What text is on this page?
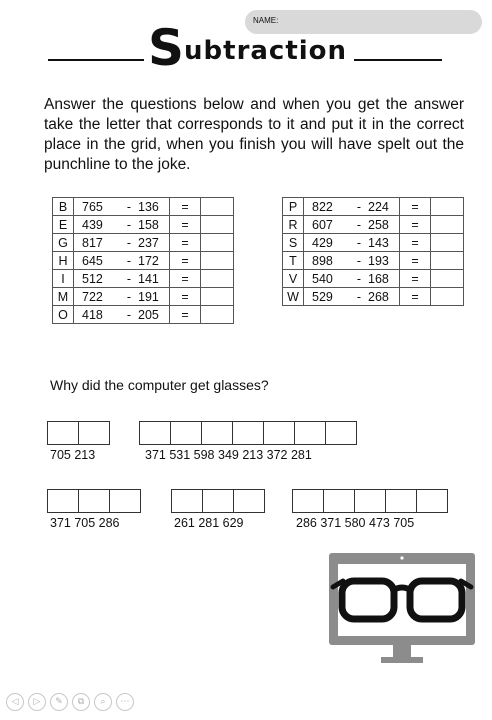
NAME:
Subtraction
Answer the questions below and when you get the answer take the letter that corresponds to it and put it in the correct place in the grid, when you finish you will have spelt out the punchline to the joke.
B	765 - 136	=	
E	439 - 158	=	
G	817 - 237	=	
H	645 - 172	=	
I	512 - 141	=	
M	722 - 191	=	
O	418 - 205	=	
P	822 - 224	=	
R	607 - 258	=	
S	429 - 143	=	
T	898 - 193	=	
V	540 - 168	=	
W	529 - 268	=	
Why did the computer get glasses?
705 213	371 531 598 349 213 372 281
371 705 286	261 281 629	286 371 580 473 705
◁	▷	✎	⧉	⌕	⋯
